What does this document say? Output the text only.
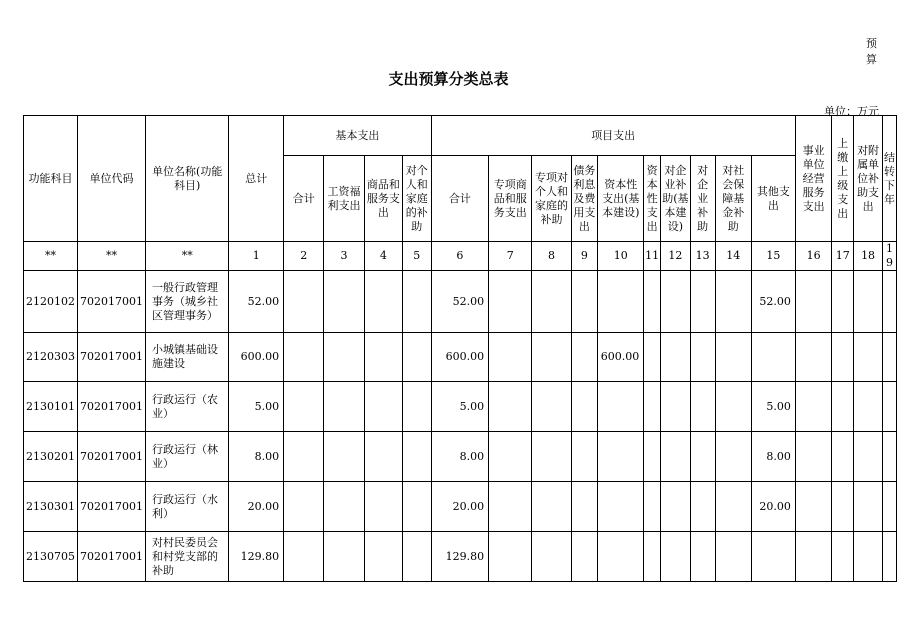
预算
支出预算分类总表
单位：万元
功能科目	单位代码	单位名称(功能科目)	总计	基本支出				项目支出										事业单位经营服务支出	上缴上级支出	对附属单位补助支出	结转下年
				合计	工资福利支出	商品和服务支出	对个人和家庭的补助	合计	专项商品和服务支出	专项对个人和家庭的补助	债务利息及费用支出	资本性支出(基本建设)	资本性支出	对企业补助(基本建设)	对企业补助	对社会保障基金补助	其他支出				
**	**	**	1	2	3	4	5	6	7	8	9	10	11	12	13	14	15	16	17	18	19
2120102	702017001	一般行政管理事务（城乡社区管理事务）	52.00					52.00									52.00				
2120303	702017001	小城镇基础设施建设	600.00					600.00				600.00									
2130101	702017001	行政运行（农业）	5.00					5.00									5.00				
2130201	702017001	行政运行（林业）	8.00					8.00									8.00				
2130301	702017001	行政运行（水利）	20.00					20.00									20.00				
2130705	702017001	对村民委员会和村党支部的补助	129.80					129.80													
